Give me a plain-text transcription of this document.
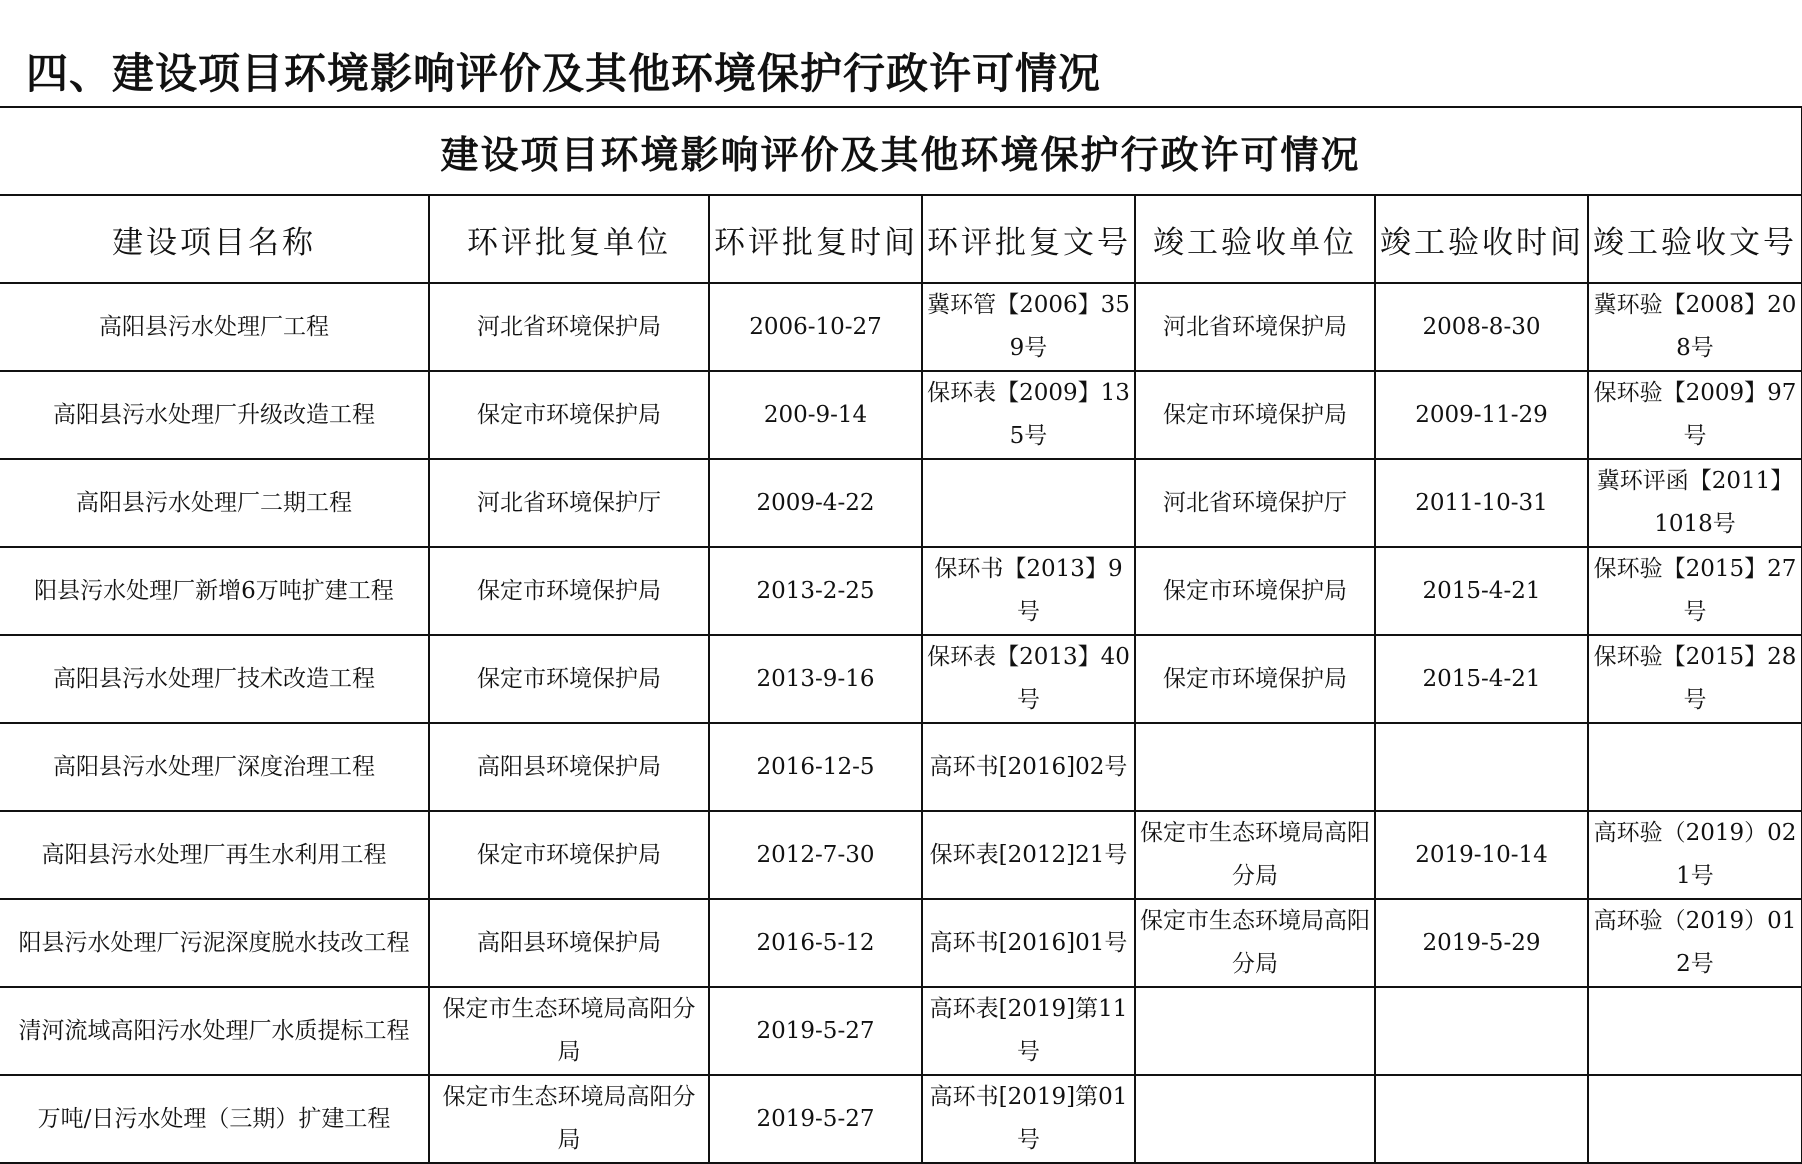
四、建设项目环境影响评价及其他环境保护行政许可情况
建设项目环境影响评价及其他环境保护行政许可情况						
建设项目名称	环评批复单位	环评批复时间	环评批复文号	竣工验收单位	竣工验收时间	竣工验收文号
高阳县污水处理厂工程	河北省环境保护局	2006-10-27	冀环管【2006】359号	河北省环境保护局	2008-8-30	冀环验【2008】208号
高阳县污水处理厂升级改造工程	保定市环境保护局	200-9-14	保环表【2009】135号	保定市环境保护局	2009-11-29	保环验【2009】97号
高阳县污水处理厂二期工程	河北省环境保护厅	2009-4-22		河北省环境保护厅	2011-10-31	冀环评函【2011】1018号
阳县污水处理厂新增6万吨扩建工程	保定市环境保护局	2013-2-25	保环书【2013】9号	保定市环境保护局	2015-4-21	保环验【2015】27号
高阳县污水处理厂技术改造工程	保定市环境保护局	2013-9-16	保环表【2013】40号	保定市环境保护局	2015-4-21	保环验【2015】28号
高阳县污水处理厂深度治理工程	高阳县环境保护局	2016-12-5	高环书[2016]02号			
高阳县污水处理厂再生水利用工程	保定市环境保护局	2012-7-30	保环表[2012]21号	保定市生态环境局高阳分局	2019-10-14	高环验（2019）021号
阳县污水处理厂污泥深度脱水技改工程	高阳县环境保护局	2016-5-12	高环书[2016]01号	保定市生态环境局高阳分局	2019-5-29	高环验（2019）012号
清河流域高阳污水处理厂水质提标工程	保定市生态环境局高阳分局	2019-5-27	高环表[2019]第11号			
万吨/日污水处理（三期）扩建工程	保定市生态环境局高阳分局	2019-5-27	高环书[2019]第01号			
